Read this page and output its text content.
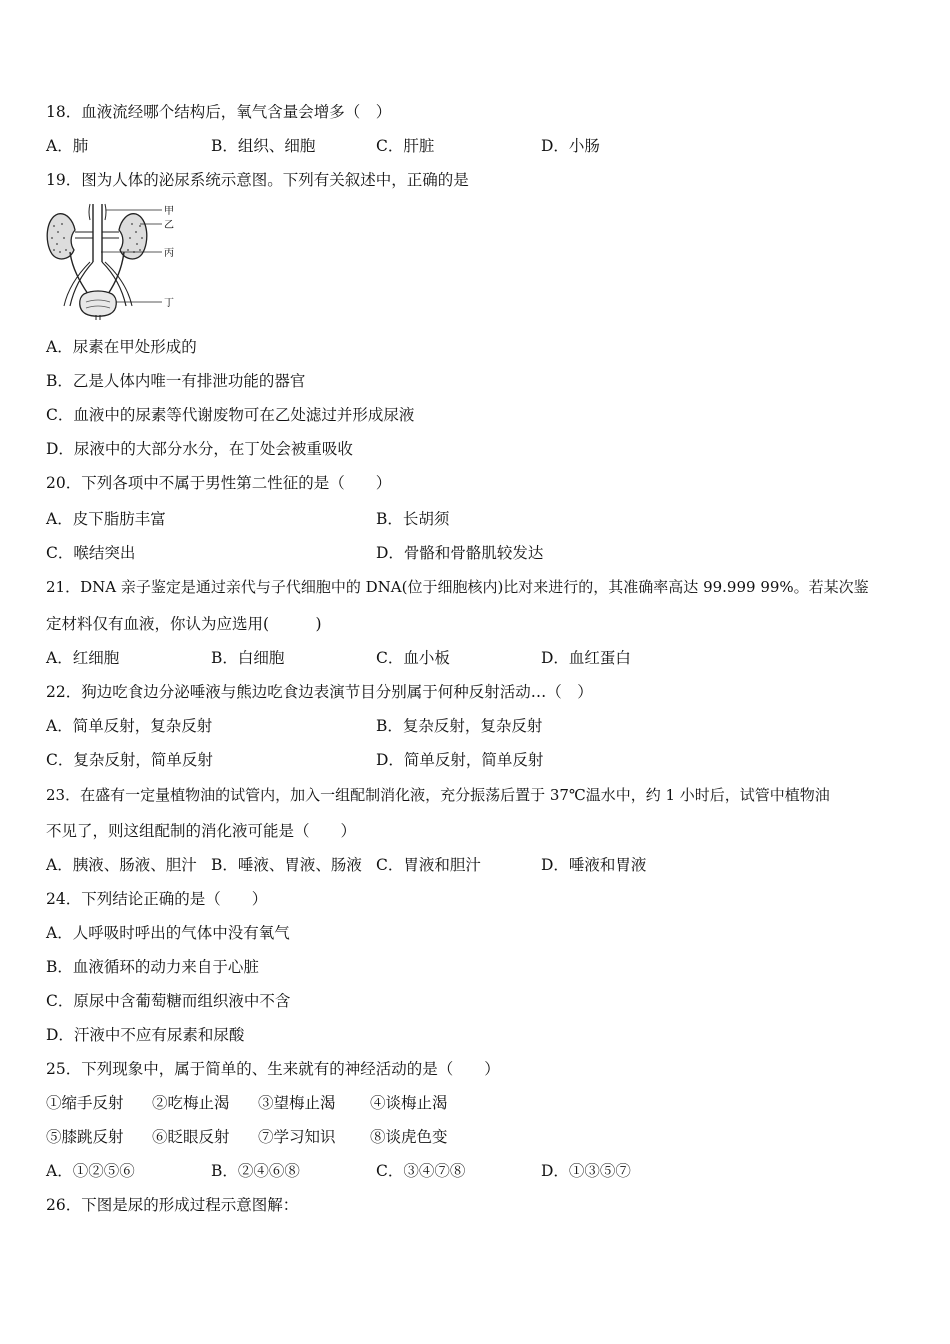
18．血液流经哪个结构后，氧气含量会增多（　）
A．肺	B．组织、细胞	C．肝脏	D．小肠
19．图为人体的泌尿系统示意图。下列有关叙述中，正确的是
甲
乙
丙
丁
A．尿素在甲处形成的
B．乙是人体内唯一有排泄功能的器官
C．血液中的尿素等代谢废物可在乙处滤过并形成尿液
D．尿液中的大部分水分，在丁处会被重吸收
20．下列各项中不属于男性第二性征的是（　　）
A．皮下脂肪丰富	B．长胡须
C．喉结突出	D．骨骼和骨骼肌较发达
21．DNA 亲子鉴定是通过亲代与子代细胞中的 DNA(位于细胞核内)比对来进行的，其准确率高达 99.999 99%。若某次鉴
定材料仅有血液，你认为应选用(　　　)
A．红细胞	B．白细胞	C．血小板	D．血红蛋白
22．狗边吃食边分泌唾液与熊边吃食边表演节目分别属于何种反射活动…（　）
A．简单反射，复杂反射	B．复杂反射，复杂反射
C．复杂反射，简单反射	D．简单反射，简单反射
23．在盛有一定量植物油的试管内，加入一组配制消化液，充分振荡后置于 37℃温水中，约 1 小时后，试管中植物油
不见了，则这组配制的消化液可能是（　　）
A．胰液、肠液、胆汁 B．唾液、胃液、肠液 C．胃液和胆汁	D．唾液和胃液
24．下列结论正确的是（　　）
A．人呼吸时呼出的气体中没有氧气
B．血液循环的动力来自于心脏
C．原尿中含葡萄糖而组织液中不含
D．汗液中不应有尿素和尿酸
25．下列现象中，属于简单的、生来就有的神经活动的是（　　）
①缩手反射 ②吃梅止渴 ③望梅止渴 ④谈梅止渴
⑤膝跳反射 ⑥眨眼反射 ⑦学习知识 ⑧谈虎色变
A．①②⑤⑥	B．②④⑥⑧	C．③④⑦⑧	D．①③⑤⑦
26．下图是尿的形成过程示意图解：
